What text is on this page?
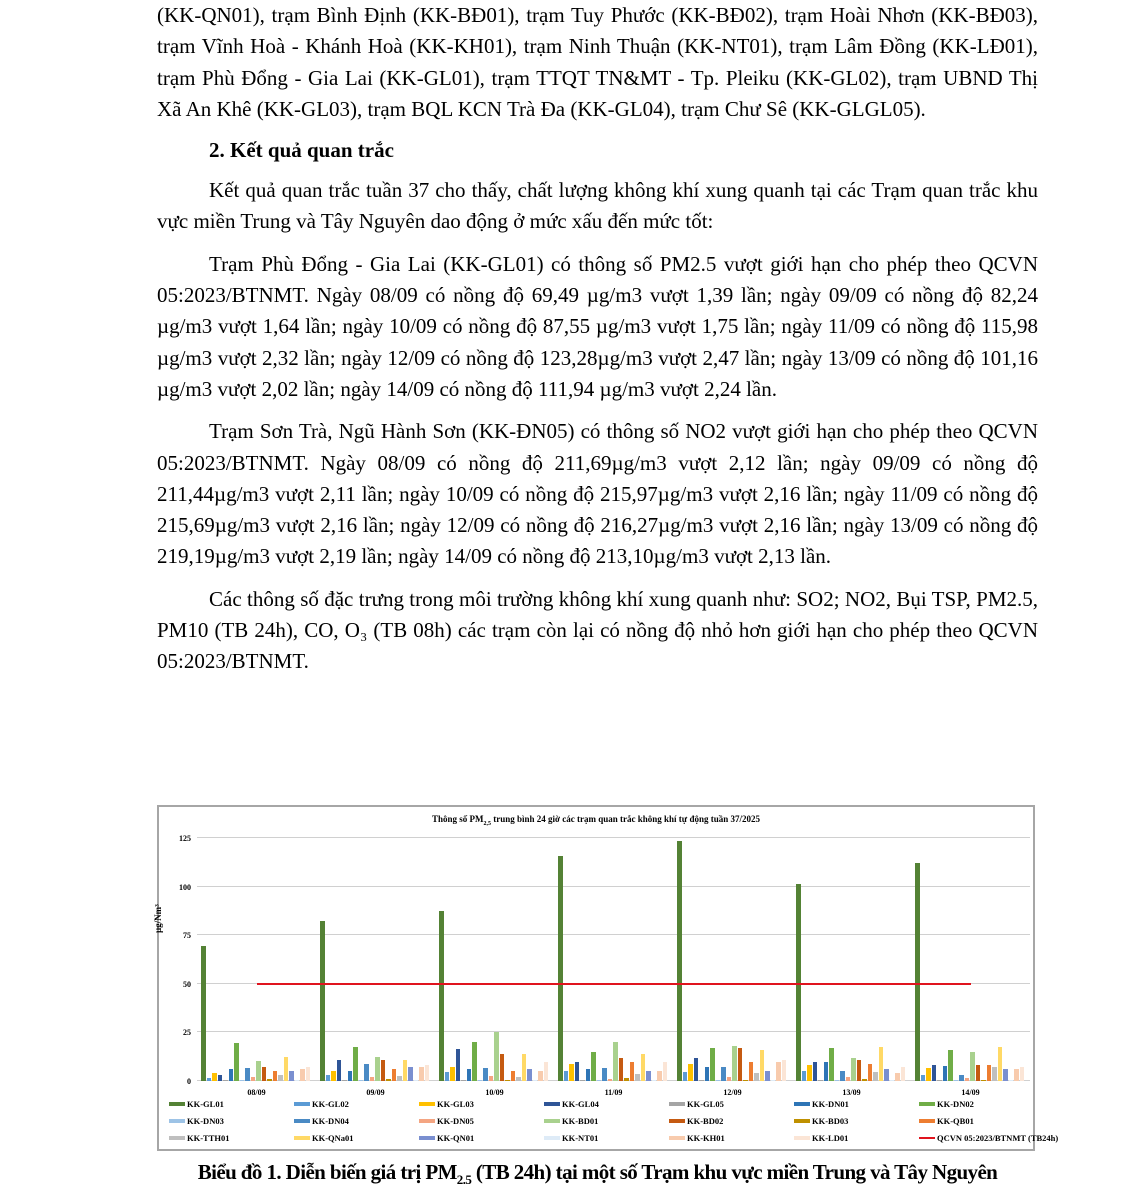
(KK-QN01), trạm Bình Định (KK-BĐ01), trạm Tuy Phước (KK-BĐ02), trạm Hoài Nhơn (KK-BĐ03), trạm Vĩnh Hoà - Khánh Hoà (KK-KH01), trạm Ninh Thuận (KK-NT01), trạm Lâm Đồng (KK-LĐ01), trạm Phù Đổng - Gia Lai (KK-GL01), trạm TTQT TN&MT - Tp. Pleiku (KK-GL02), trạm UBND Thị Xã An Khê (KK-GL03), trạm BQL KCN Trà Đa (KK-GL04), trạm Chư Sê (KK-GLGL05).

2. Kết quả quan trắc

Kết quả quan trắc tuần 37 cho thấy, chất lượng không khí xung quanh tại các Trạm quan trắc khu vực miền Trung và Tây Nguyên dao động ở mức xấu đến mức tốt:

Trạm Phù Đổng - Gia Lai (KK-GL01) có thông số PM2.5 vượt giới hạn cho phép theo QCVN 05:2023/BTNMT. Ngày 08/09 có nồng độ 69,49 µg/m3 vượt 1,39 lần; ngày 09/09 có nồng độ 82,24 µg/m3 vượt 1,64 lần; ngày 10/09 có nồng độ 87,55 µg/m3 vượt 1,75 lần; ngày 11/09 có nồng độ 115,98 µg/m3 vượt 2,32 lần; ngày 12/09 có nồng độ 123,28µg/m3 vượt 2,47 lần; ngày 13/09 có nồng độ 101,16 µg/m3 vượt 2,02 lần; ngày 14/09 có nồng độ 111,94 µg/m3 vượt 2,24 lần.

Trạm Sơn Trà, Ngũ Hành Sơn (KK-ĐN05) có thông số NO2 vượt giới hạn cho phép theo QCVN 05:2023/BTNMT. Ngày 08/09 có nồng độ 211,69µg/m3 vượt 2,12 lần; ngày 09/09 có nồng độ 211,44µg/m3 vượt 2,11 lần; ngày 10/09 có nồng độ 215,97µg/m3 vượt 2,16 lần; ngày 11/09 có nồng độ 215,69µg/m3 vượt 2,16 lần; ngày 12/09 có nồng độ 216,27µg/m3 vượt 2,16 lần; ngày 13/09 có nồng độ 219,19µg/m3 vượt 2,19 lần; ngày 14/09 có nồng độ 213,10µg/m3 vượt 2,13 lần.

Các thông số đặc trưng trong môi trường không khí xung quanh như: SO2; NO2, Bụi TSP, PM2.5, PM10 (TB 24h), CO, O₃ (TB 08h) các trạm còn lại có nồng độ nhỏ hơn giới hạn cho phép theo QCVN 05:2023/BTNMT.

Thông số $PM_{2,5}$ trung bình 24 giờ các trạm quan trắc không khí tự động tuần 37/2025
µg/Nm³
0
25
50
75
100
125
08/09	09/09	10/09	11/09	12/09	13/09	14/09
KK-GL01	KK-GL02	KK-GL03	KK-GL04	KK-GL05	KK-DN01	KK-DN02
KK-DN03	KK-DN04	KK-DN05	KK-BD01	KK-BD02	KK-BD03	KK-QB01
KK-TTH01	KK-QNa01	KK-QN01	KK-NT01	KK-KH01	KK-LD01	QCVN 05:2023/BTNMT (TB24h)
Biểu đồ 1. Diễn biến giá trị $PM_{2.5}$ (TB 24h) tại một số Trạm khu vực miền Trung và Tây Nguyên
